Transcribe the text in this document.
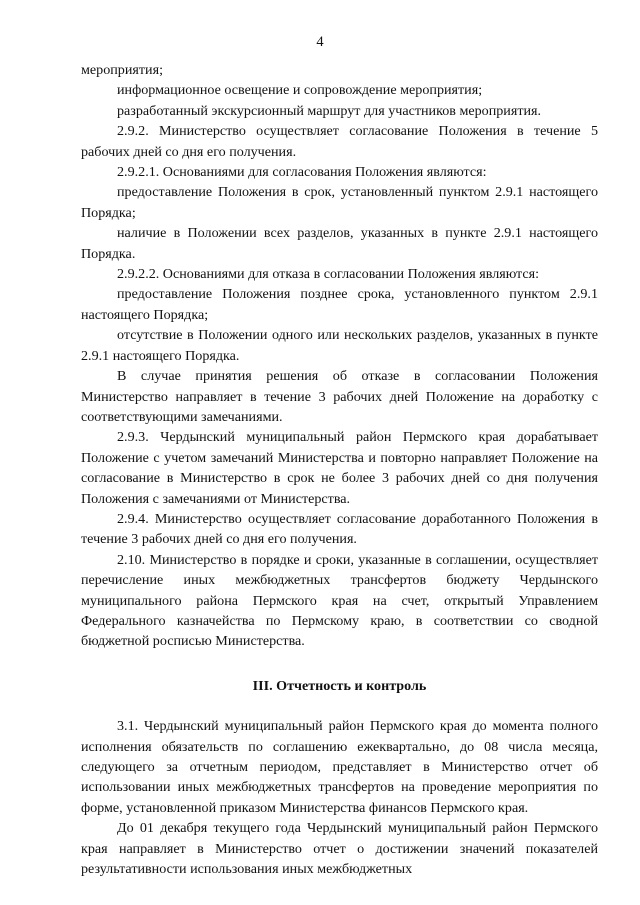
4

мероприятия;

информационное освещение и сопровождение мероприятия;

разработанный экскурсионный маршрут для участников мероприятия.

2.9.2. Министерство осуществляет согласование Положения в течение 5 рабочих дней со дня его получения.

2.9.2.1. Основаниями для согласования Положения являются:

предоставление Положения в срок, установленный пунктом 2.9.1 настоящего Порядка;

наличие в Положении всех разделов, указанных в пункте 2.9.1 настоящего Порядка.

2.9.2.2. Основаниями для отказа в согласовании Положения являются:

предоставление Положения позднее срока, установленного пунктом 2.9.1 настоящего Порядка;

отсутствие в Положении одного или нескольких разделов, указанных в пункте 2.9.1 настоящего Порядка.

В случае принятия решения об отказе в согласовании Положения Министерство направляет в течение 3 рабочих дней Положение на доработку с соответствующими замечаниями.

2.9.3. Чердынский муниципальный район Пермского края дорабатывает Положение с учетом замечаний Министерства и повторно направляет Положение на согласование в Министерство в срок не более 3 рабочих дней со дня получения Положения с замечаниями от Министерства.

2.9.4. Министерство осуществляет согласование доработанного Положения в течение 3 рабочих дней со дня его получения.

2.10. Министерство в порядке и сроки, указанные в соглашении, осуществляет перечисление иных межбюджетных трансфертов бюджету Чердынского муниципального района Пермского края на счет, открытый Управлением Федерального казначейства по Пермскому краю, в соответствии со сводной бюджетной росписью Министерства.

III. Отчетность и контроль

3.1. Чердынский муниципальный район Пермского края до момента полного исполнения обязательств по соглашению ежеквартально, до 08 числа месяца, следующего за отчетным периодом, представляет в Министерство отчет об использовании иных межбюджетных трансфертов на проведение мероприятия по форме, установленной приказом Министерства финансов Пермского края.

До 01 декабря текущего года Чердынский муниципальный район Пермского края направляет в Министерство отчет о достижении значений показателей результативности использования иных межбюджетных
